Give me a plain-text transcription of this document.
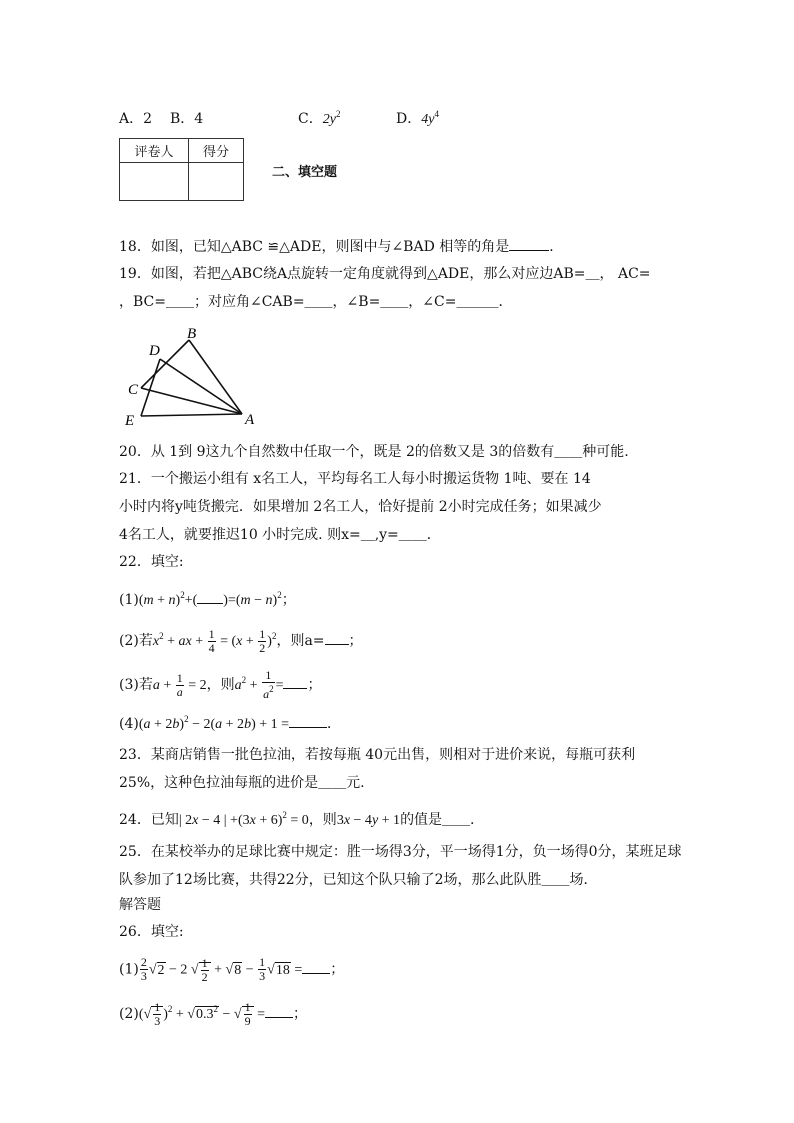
A．2 B．4	C．$2y^2$	D．$4y^4$
评卷人	得分

二、填空题
18．如图，已知△ABC ≌△ADE，则图中与∠BAD 相等的角是	．
19．如图，若把△ABC绕A点旋转一定角度就得到△ADE，那么对应边AB=＿， AC=
，BC=＿＿；对应角∠CAB=＿＿，∠B=＿＿，∠C=＿＿＿．
B
D
C
E	A
20．从 1到 9这九个自然数中任取一个，既是 2的倍数又是 3的倍数有＿＿种可能.
21．一个搬运小组有 x名工人，平均每名工人每小时搬运货物 1吨、要在 14
小时内将y吨货搬完．如果增加 2名工人，恰好提前 2小时完成任务；如果减少
4名工人，就要推迟10 小时完成. 则x=＿,y=＿＿．
22．填空:
$(1)(m + n)^2+$( )$=(m - n)^2$；
(2)若$x^2$ + ax + $\frac{1}{4} = (x + \frac{1}{2} )^2$，则a= ；
(3)若$a + \frac{1}{a} = 2$，则$a^2 + \frac{1}{a^2}$ = ；
$(4)(a + 2b)^2 - 2(a + 2b) + 1$ =	．
23．某商店销售一批色拉油，若按每瓶 40元出售，则相对于进价来说，每瓶可获利
25%，这种色拉油每瓶的进价是＿＿元.
24．已知| 2x − 4 | $+(3x + 6)^2 = 0$，则3x − 4y + 1的值是＿＿.
25．在某校举办的足球比赛中规定：胜一场得3分，平一场得1分，负一场得0分，某班足球
队参加了12场比赛，共得22分，已知这个队只输了2场，那么此队胜＿＿场．
解答题
26．填空:
$(1) \frac{2}{3} √2 - 2$ √ $\frac{1}{2} + √8 - \frac{1}{3} √18$ = ；
$(2)(√ \frac{1}{3} )^2 + √0.3^2$ − √ $\frac{1}{9}$ = ；
